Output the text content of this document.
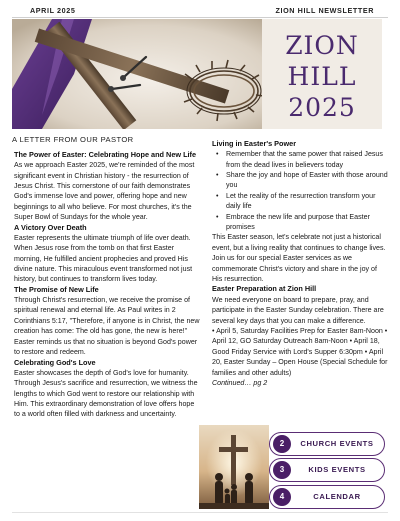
APRIL 2025	ZION HILL NEWSLETTER
ZION
HILL
2025
A LETTER FROM OUR PASTOR
The Power of Easter: Celebrating Hope and New Life
As we approach Easter 2025, we're reminded of the most significant event in Christian history - the resurrection of Jesus Christ. This cornerstone of our faith demonstrates God's immense love and power, offering hope and new beginnings to all who believe. For most churches, it's the Super Bowl of Sundays for the whole year.
A Victory Over Death
Easter represents the ultimate triumph of life over death. When Jesus rose from the tomb on that first Easter morning, He fulfilled ancient prophecies and proved His divine nature. This miraculous event transformed not just history, but continues to transform lives today.
The Promise of New Life
Through Christ's resurrection, we receive the promise of spiritual renewal and eternal life. As Paul writes in 2 Corinthians 5:17, "Therefore, if anyone is in Christ, the new creation has come: The old has gone, the new is here!" Easter reminds us that no situation is beyond God's power to restore and redeem.
Celebrating God's Love
Easter showcases the depth of God's love for humanity. Through Jesus's sacrifice and resurrection, we witness the lengths to which God went to restore our relationship with Him. This extraordinary demonstration of love offers hope to a world often filled with darkness and uncertainty.
Living in Easter's Power
• Remember that the same power that raised Jesus from the dead lives in believers today
• Share the joy and hope of Easter with those around you
• Let the reality of the resurrection transform your daily life
• Embrace the new life and purpose that Easter promises
This Easter season, let's celebrate not just a historical event, but a living reality that continues to change lives. Join us for our special Easter services as we commemorate Christ's victory and share in the joy of His resurrection.
Easter Preparation at Zion Hill
We need everyone on board to prepare, pray, and participate in the Easter Sunday celebration. There are several key days that you can make a difference.
• April 5, Saturday Facilities Prep for Easter 8am-Noon • April 12, GO Saturday Outreach 8am-Noon • April 18, Good Friday Service with Lord's Supper 6:30pm • April 20, Easter Sunday – Open House (Special Schedule for families and other adults)
Continued… pg 2
2	CHURCH EVENTS
3	KIDS EVENTS
4	CALENDAR
